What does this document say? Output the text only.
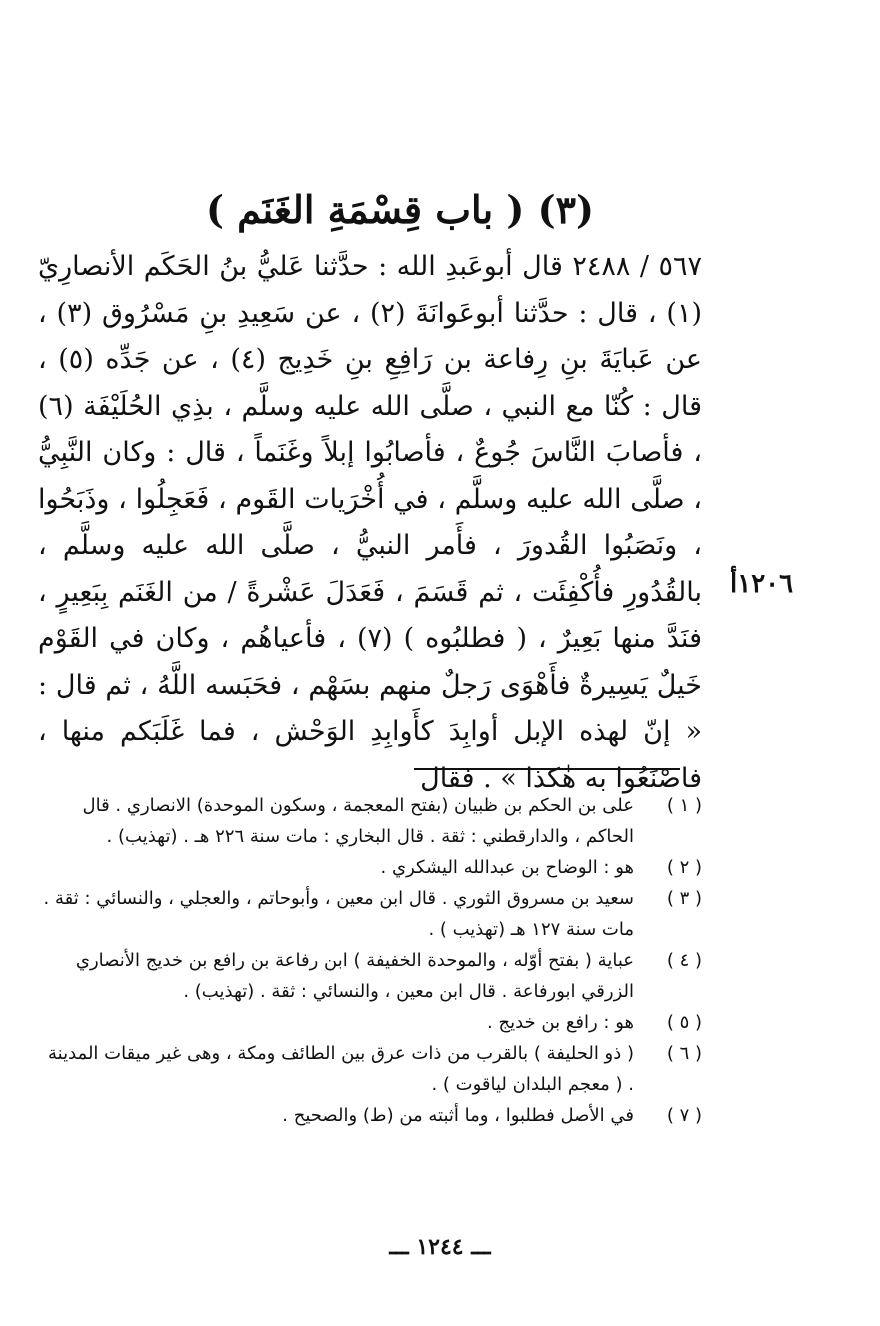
(٣) ( باب قِسْمَةِ الغَنَم )

٥٦٧ / ٢٤٨٨ قال أبوعَبدِ الله : حدَّثنا عَليُّ بنُ الحَكَم الأنصارِيّ (١) ، قال : حدَّثنا أبوعَوانَةَ (٢) ، عن سَعِيدِ بنِ مَسْرُوق (٣) ، عن عَبايَةَ بنِ رِفاعة بن رَافِعِ بنِ خَدِيج (٤) ، عن جَدِّه (٥) ، قال : كُنّا مع النبي ، صلَّى الله عليه وسلَّم ، بذِي الحُلَيْفَة (٦) ، فأصابَ النَّاسَ جُوعٌ ، فأصابُوا إبلاً وغَنَماً ، قال : وكان النَّبِيُّ ، صلَّى الله عليه وسلَّم ، في أُخْرَيات القَوم ، فَعَجِلُوا ، وذَبَحُوا ، ونَصَبُوا القُدورَ ، فأَمر النبيُّ ، صلَّى الله عليه وسلَّم ، بالقُدُورِ فأُكْفِئَت ، ثم قَسَمَ ، فَعَدَلَ عَشْرةً / من الغَنَم بِبَعِيرٍ ، فنَدَّ منها بَعِيرٌ ، ( فطلبُوه ) (٧) ، فأعياهُم ، وكان في القَوْم خَيلٌ يَسِيرةٌ فأَهْوَى رَجلٌ منهم بسَهْم ، فحَبَسه اللَّهُ ، ثم قال : « إنّ لهذه الإبل أوابِدَ كأَوابِدِ الوَحْش ، فما غَلَبَكم منها ، فاصْنَعُوا به هٰكذا » . فقال

١٢٠٦أ
( ١ )
على بن الحكم بن ظبيان (بفتح المعجمة ، وسكون الموحدة) الانصاري . قال الحاكم ، والدارقطني : ثقة . قال البخاري : مات سنة ٢٢٦ هـ . (تهذيب) .
( ٢ )
هو : الوضاح بن عبدالله اليشكري .
( ٣ )
سعيد بن مسروق الثوري . قال ابن معين ، وأبوحاتم ، والعجلي ، والنسائي : ثقة . مات سنة ١٢٧ هـ (تهذيب ) .
( ٤ )
عباية ( بفتح أوّله ، والموحدة الخفيفة ) ابن رفاعة بن رافع بن خديج الأنصاري الزرقي ابورفاعة . قال ابن معين ، والنسائي : ثقة . (تهذيب) .
( ٥ )
هو : رافع بن خديج .
( ٦ )
( ذو الحليفة ) بالقرب من ذات عرق بين الطائف ومكة ، وهى غير ميقات المدينة . ( معجم البلدان لياقوت ) .
( ٧ )
في الأصل فطلبوا ، وما أثبته من (ط) والصحيح .
ـــ ١٢٤٤ ـــ
